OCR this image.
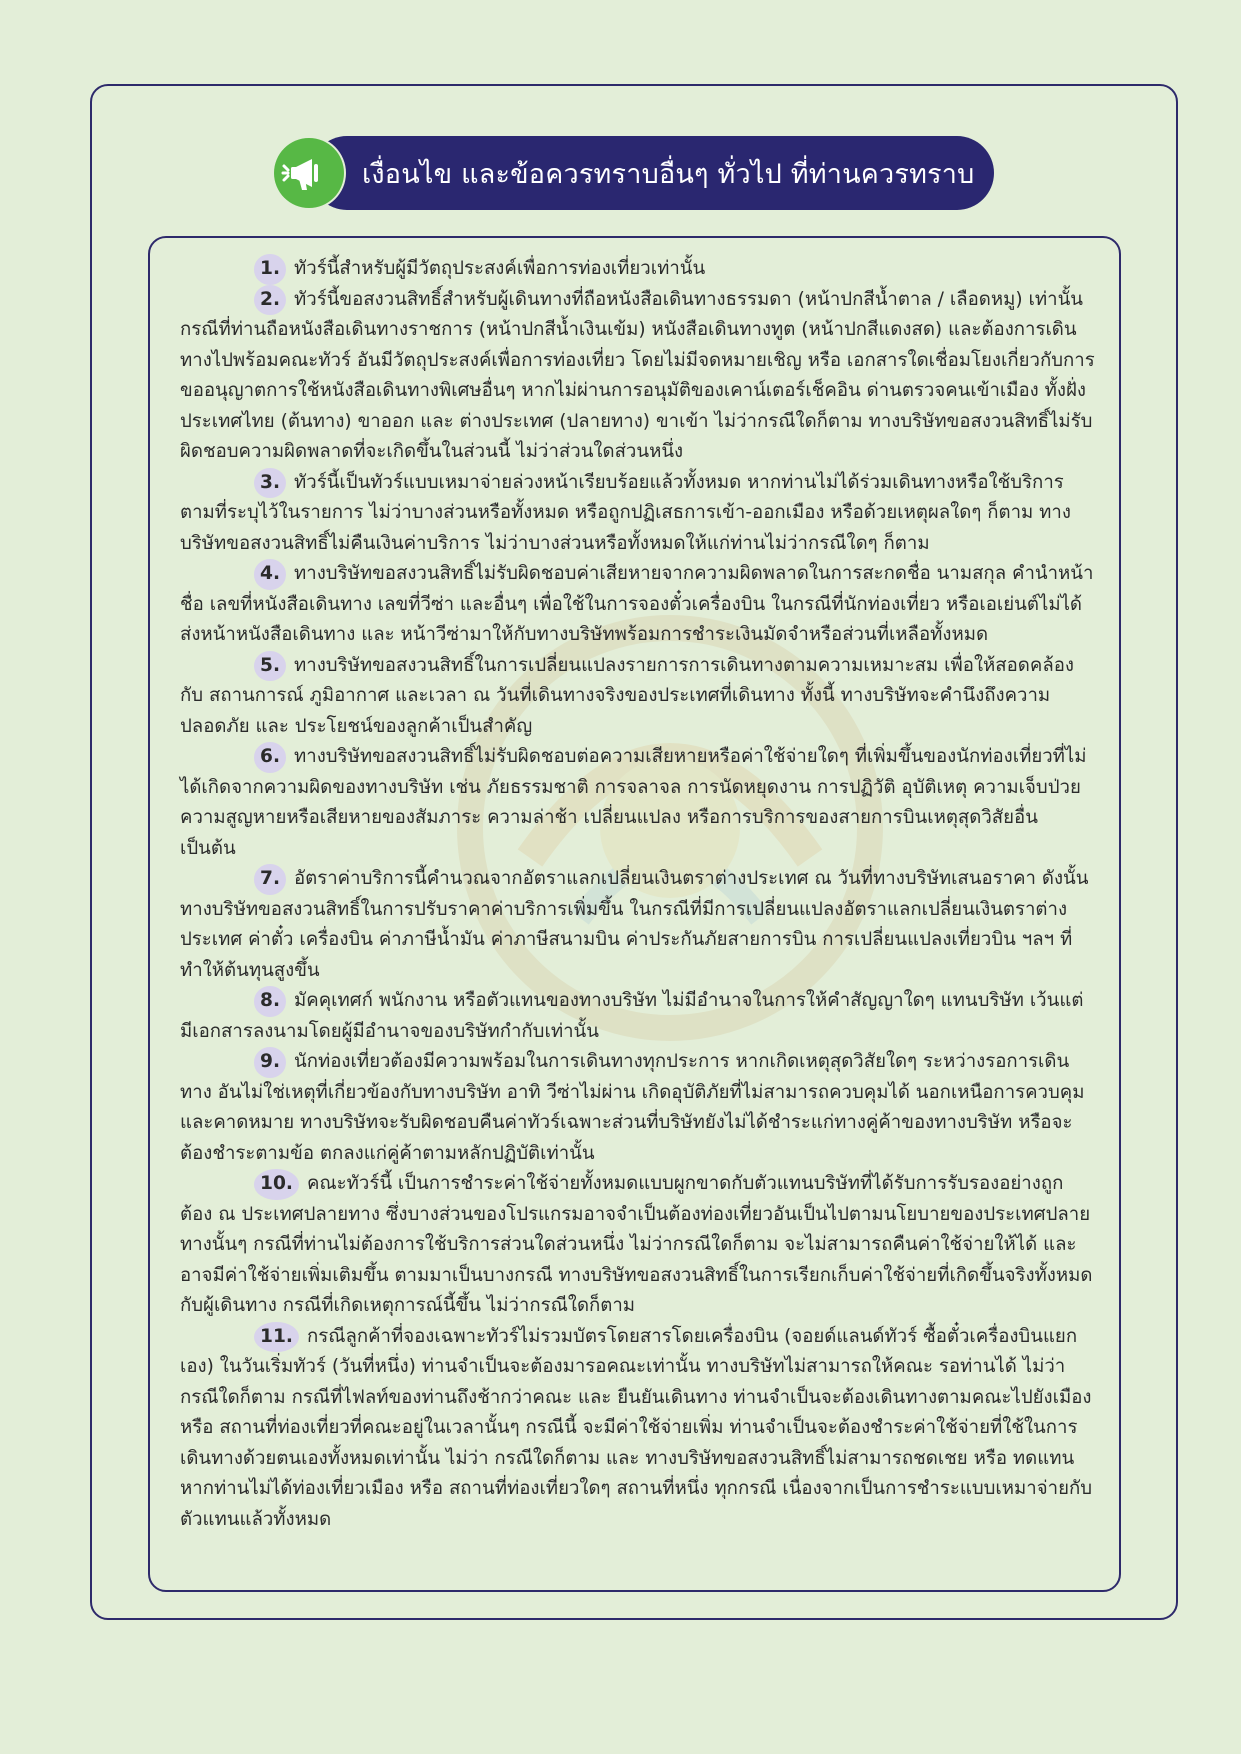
เงื่อนไข และข้อควรทราบอื่นๆ ทั่วไป ที่ท่านควรทราบ

1. ทัวร์นี้สำหรับผู้มีวัตถุประสงค์เพื่อการท่องเที่ยวเท่านั้น

2. ทัวร์นี้ขอสงวนสิทธิ์สำหรับผู้เดินทางที่ถือหนังสือเดินทางธรรมดา (หน้าปกสีน้ำตาล / เลือดหมู) เท่านั้น กรณีที่ท่านถือหนังสือเดินทางราชการ (หน้าปกสีน้ำเงินเข้ม) หนังสือเดินทางทูต (หน้าปกสีแดงสด) และต้องการเดินทางไปพร้อมคณะทัวร์ อันมีวัตถุประสงค์เพื่อการท่องเที่ยว โดยไม่มีจดหมายเชิญ หรือ เอกสารใดเชื่อมโยงเกี่ยวกับการขออนุญาตการใช้หนังสือเดินทางพิเศษอื่นๆ หากไม่ผ่านการอนุมัติของเคาน์เตอร์เช็คอิน ด่านตรวจคนเข้าเมือง ทั้งฝั่งประเทศไทย (ต้นทาง) ขาออก และ ต่างประเทศ (ปลายทาง) ขาเข้า ไม่ว่ากรณีใดก็ตาม ทางบริษัทขอสงวนสิทธิ์ไม่รับผิดชอบความผิดพลาดที่จะเกิดขึ้นในส่วนนี้ ไม่ว่าส่วนใดส่วนหนึ่ง

3. ทัวร์นี้เป็นทัวร์แบบเหมาจ่ายล่วงหน้าเรียบร้อยแล้วทั้งหมด หากท่านไม่ได้ร่วมเดินทางหรือใช้บริการตามที่ระบุไว้ในรายการ ไม่ว่าบางส่วนหรือทั้งหมด หรือถูกปฏิเสธการเข้า-ออกเมือง หรือด้วยเหตุผลใดๆ ก็ตาม ทางบริษัทขอสงวนสิทธิ์ไม่คืนเงินค่าบริการ ไม่ว่าบางส่วนหรือทั้งหมดให้แก่ท่านไม่ว่ากรณีใดๆ ก็ตาม

4. ทางบริษัทขอสงวนสิทธิ์ไม่รับผิดชอบค่าเสียหายจากความผิดพลาดในการสะกดชื่อ นามสกุล คำนำหน้าชื่อ เลขที่หนังสือเดินทาง เลขที่วีซ่า และอื่นๆ เพื่อใช้ในการจองตั๋วเครื่องบิน ในกรณีที่นักท่องเที่ยว หรือเอเย่นต์ไม่ได้ส่งหน้าหนังสือเดินทาง และ หน้าวีซ่ามาให้กับทางบริษัทพร้อมการชำระเงินมัดจำหรือส่วนที่เหลือทั้งหมด

5. ทางบริษัทขอสงวนสิทธิ์ในการเปลี่ยนแปลงรายการการเดินทางตามความเหมาะสม เพื่อให้สอดคล้องกับ สถานการณ์ ภูมิอากาศ และเวลา ณ วันที่เดินทางจริงของประเทศที่เดินทาง ทั้งนี้ ทางบริษัทจะคำนึงถึงความปลอดภัย และ ประโยชน์ของลูกค้าเป็นสำคัญ

6. ทางบริษัทขอสงวนสิทธิ์ไม่รับผิดชอบต่อความเสียหายหรือค่าใช้จ่ายใดๆ ที่เพิ่มขึ้นของนักท่องเที่ยวที่ไม่ได้เกิดจากความผิดของทางบริษัท เช่น ภัยธรรมชาติ การจลาจล การนัดหยุดงาน การปฏิวัติ อุบัติเหตุ ความเจ็บป่วย ความสูญหายหรือเสียหายของสัมภาระ ความล่าช้า เปลี่ยนแปลง หรือการบริการของสายการบินเหตุสุดวิสัยอื่น เป็นต้น

7. อัตราค่าบริการนี้คำนวณจากอัตราแลกเปลี่ยนเงินตราต่างประเทศ ณ วันที่ทางบริษัทเสนอราคา ดังนั้น ทางบริษัทขอสงวนสิทธิ์ในการปรับราคาค่าบริการเพิ่มขึ้น ในกรณีที่มีการเปลี่ยนแปลงอัตราแลกเปลี่ยนเงินตราต่างประเทศ ค่าตั๋ว เครื่องบิน ค่าภาษีน้ำมัน ค่าภาษีสนามบิน ค่าประกันภัยสายการบิน การเปลี่ยนแปลงเที่ยวบิน ฯลฯ ที่ทำให้ต้นทุนสูงขึ้น

8. มัคคุเทศก์ พนักงาน หรือตัวแทนของทางบริษัท ไม่มีอำนาจในการให้คำสัญญาใดๆ แทนบริษัท เว้นแต่มีเอกสารลงนามโดยผู้มีอำนาจของบริษัทกำกับเท่านั้น

9. นักท่องเที่ยวต้องมีความพร้อมในการเดินทางทุกประการ หากเกิดเหตุสุดวิสัยใดๆ ระหว่างรอการเดินทาง อันไม่ใช่เหตุที่เกี่ยวข้องกับทางบริษัท อาทิ วีซ่าไม่ผ่าน เกิดอุบัติภัยที่ไม่สามารถควบคุมได้ นอกเหนือการควบคุมและคาดหมาย ทางบริษัทจะรับผิดชอบคืนค่าทัวร์เฉพาะส่วนที่บริษัทยังไม่ได้ชำระแก่ทางคู่ค้าของทางบริษัท หรือจะต้องชำระตามข้อ ตกลงแก่คู่ค้าตามหลักปฏิบัติเท่านั้น

10. คณะทัวร์นี้ เป็นการชำระค่าใช้จ่ายทั้งหมดแบบผูกขาดกับตัวแทนบริษัทที่ได้รับการรับรองอย่างถูกต้อง ณ ประเทศปลายทาง ซึ่งบางส่วนของโปรแกรมอาจจำเป็นต้องท่องเที่ยวอันเป็นไปตามนโยบายของประเทศปลายทางนั้นๆ กรณีที่ท่านไม่ต้องการใช้บริการส่วนใดส่วนหนึ่ง ไม่ว่ากรณีใดก็ตาม จะไม่สามารถคืนค่าใช้จ่ายให้ได้ และ อาจมีค่าใช้จ่ายเพิ่มเติมขึ้น ตามมาเป็นบางกรณี ทางบริษัทขอสงวนสิทธิ์ในการเรียกเก็บค่าใช้จ่ายที่เกิดขึ้นจริงทั้งหมดกับผู้เดินทาง กรณีที่เกิดเหตุการณ์นี้ขึ้น ไม่ว่ากรณีใดก็ตาม

11. กรณีลูกค้าที่จองเฉพาะทัวร์ไม่รวมบัตรโดยสารโดยเครื่องบิน (จอยด์แลนด์ทัวร์ ซื้อตั๋วเครื่องบินแยกเอง) ในวันเริ่มทัวร์ (วันที่หนึ่ง) ท่านจำเป็นจะต้องมารอคณะเท่านั้น ทางบริษัทไม่สามารถให้คณะ รอท่านได้ ไม่ว่ากรณีใดก็ตาม กรณีที่ไฟลท์ของท่านถึงช้ากว่าคณะ และ ยืนยันเดินทาง ท่านจำเป็นจะต้องเดินทางตามคณะไปยังเมือง หรือ สถานที่ท่องเที่ยวที่คณะอยู่ในเวลานั้นๆ กรณีนี้ จะมีค่าใช้จ่ายเพิ่ม ท่านจำเป็นจะต้องชำระค่าใช้จ่ายที่ใช้ในการเดินทางด้วยตนเองทั้งหมดเท่านั้น ไม่ว่า กรณีใดก็ตาม และ ทางบริษัทขอสงวนสิทธิ์ไม่สามารถชดเชย หรือ ทดแทน หากท่านไม่ได้ท่องเที่ยวเมือง หรือ สถานที่ท่องเที่ยวใดๆ สถานที่หนึ่ง ทุกกรณี เนื่องจากเป็นการชำระแบบเหมาจ่ายกับตัวแทนแล้วทั้งหมด
